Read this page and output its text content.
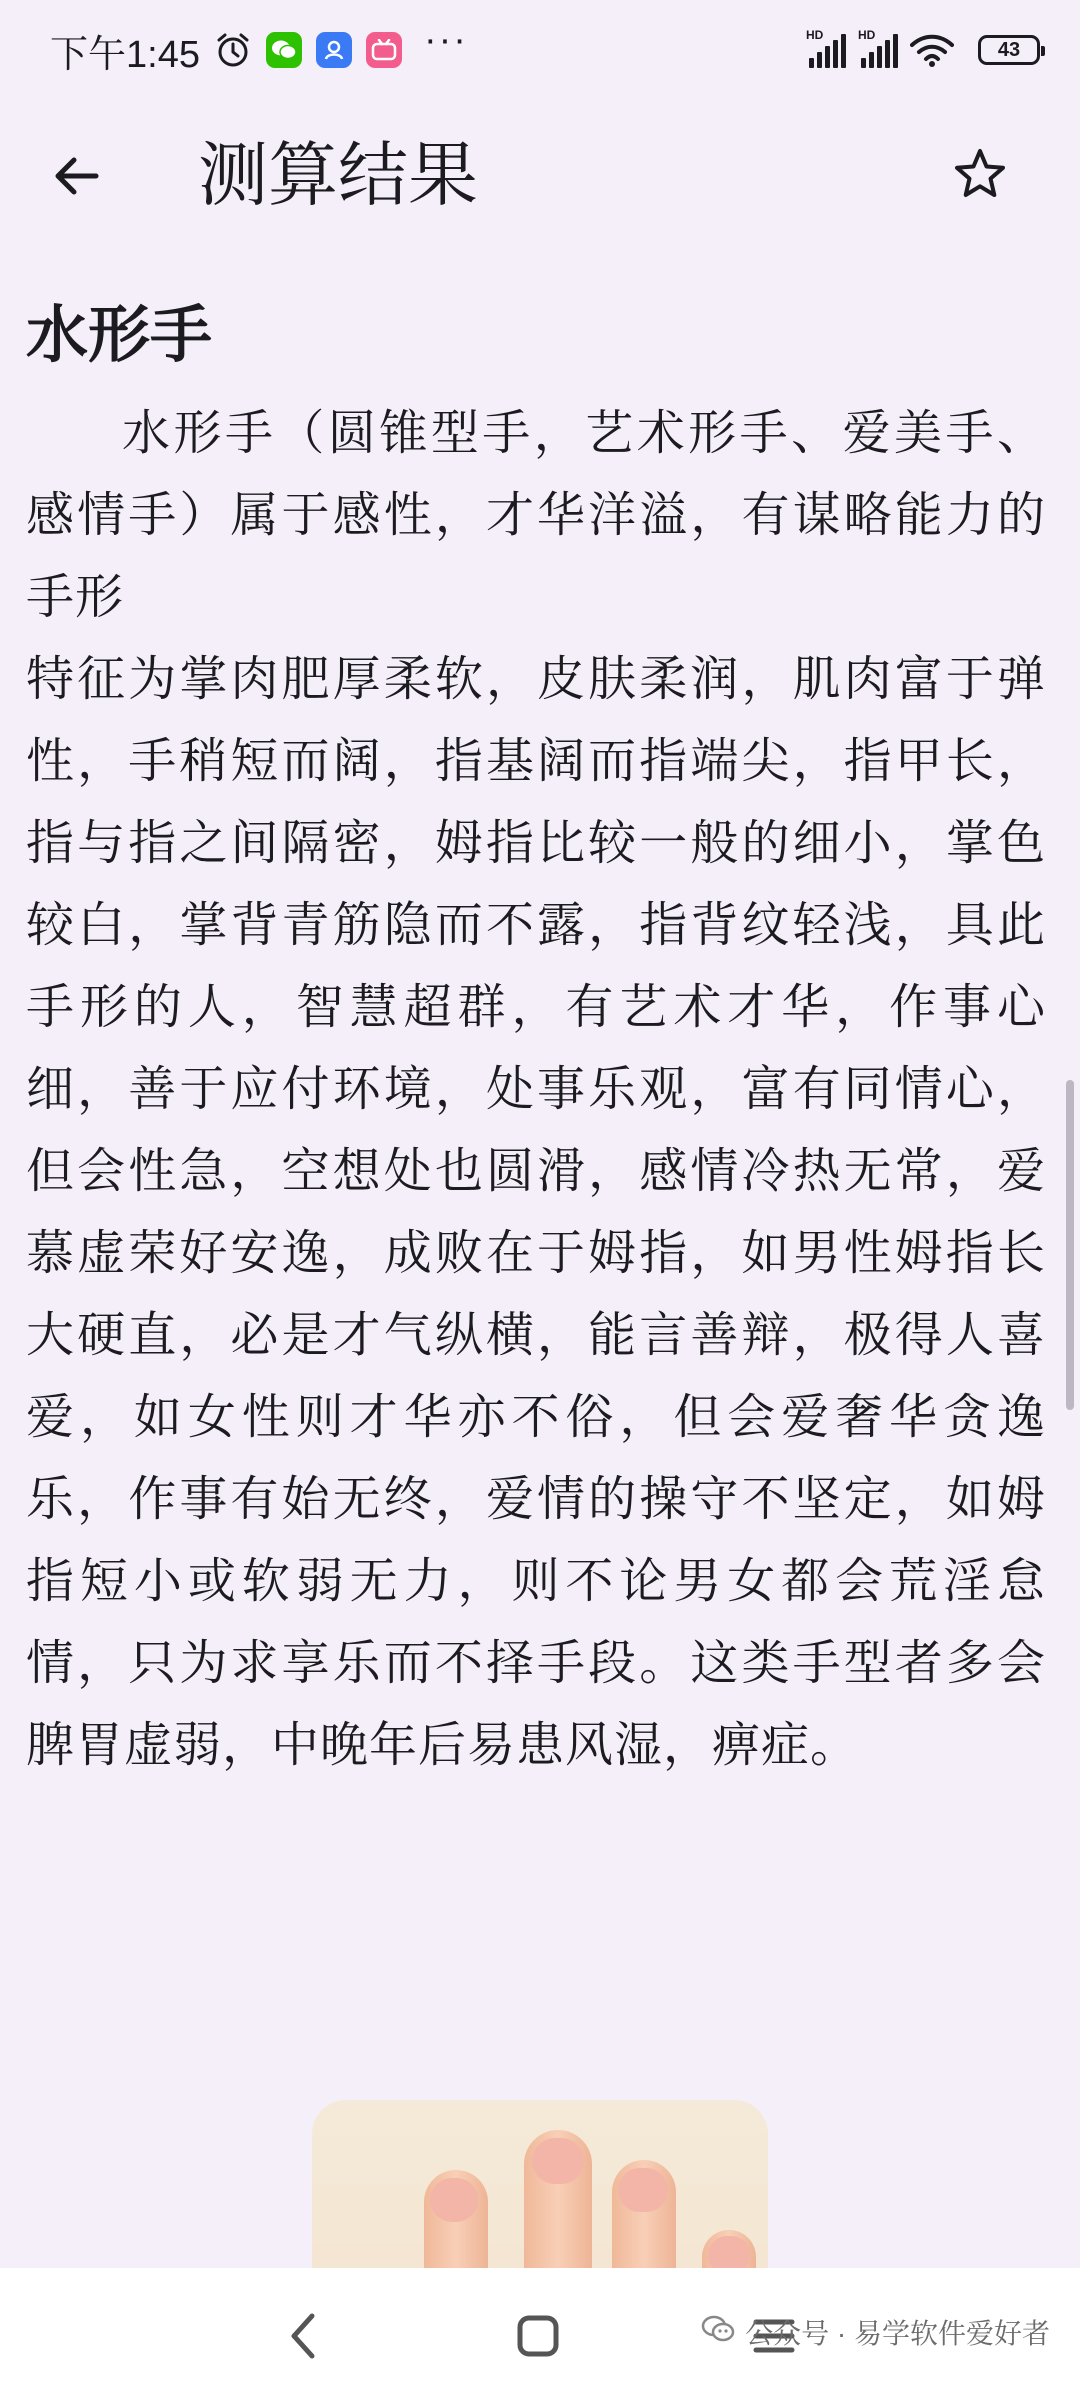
下午1:45	···	HD	HD
43
测算结果
水形手

水形手（圆锥型手，艺术形手、爱美手、感情手）属于感性，才华洋溢，有谋略能力的手形

特征为掌肉肥厚柔软，皮肤柔润，肌肉富于弹性，手稍短而阔，指基阔而指端尖，指甲长，指与指之间隔密，姆指比较一般的细小，掌色较白，掌背青筋隐而不露，指背纹轻浅，具此手形的人，智慧超群，有艺术才华，作事心细，善于应付环境，处事乐观，富有同情心，但会性急，空想处也圆滑，感情冷热无常，爱慕虚荣好安逸，成败在于姆指，如男性姆指长大硬直，必是才气纵横，能言善辩，极得人喜爱，如女性则才华亦不俗，但会爱奢华贪逸乐，作事有始无终，爱情的操守不坚定，如姆指短小或软弱无力，则不论男女都会荒淫怠情，只为求享乐而不择手段。这类手型者多会脾胃虚弱，中晚年后易患风湿，痹症。

公众号 · 易学软件爱好者
